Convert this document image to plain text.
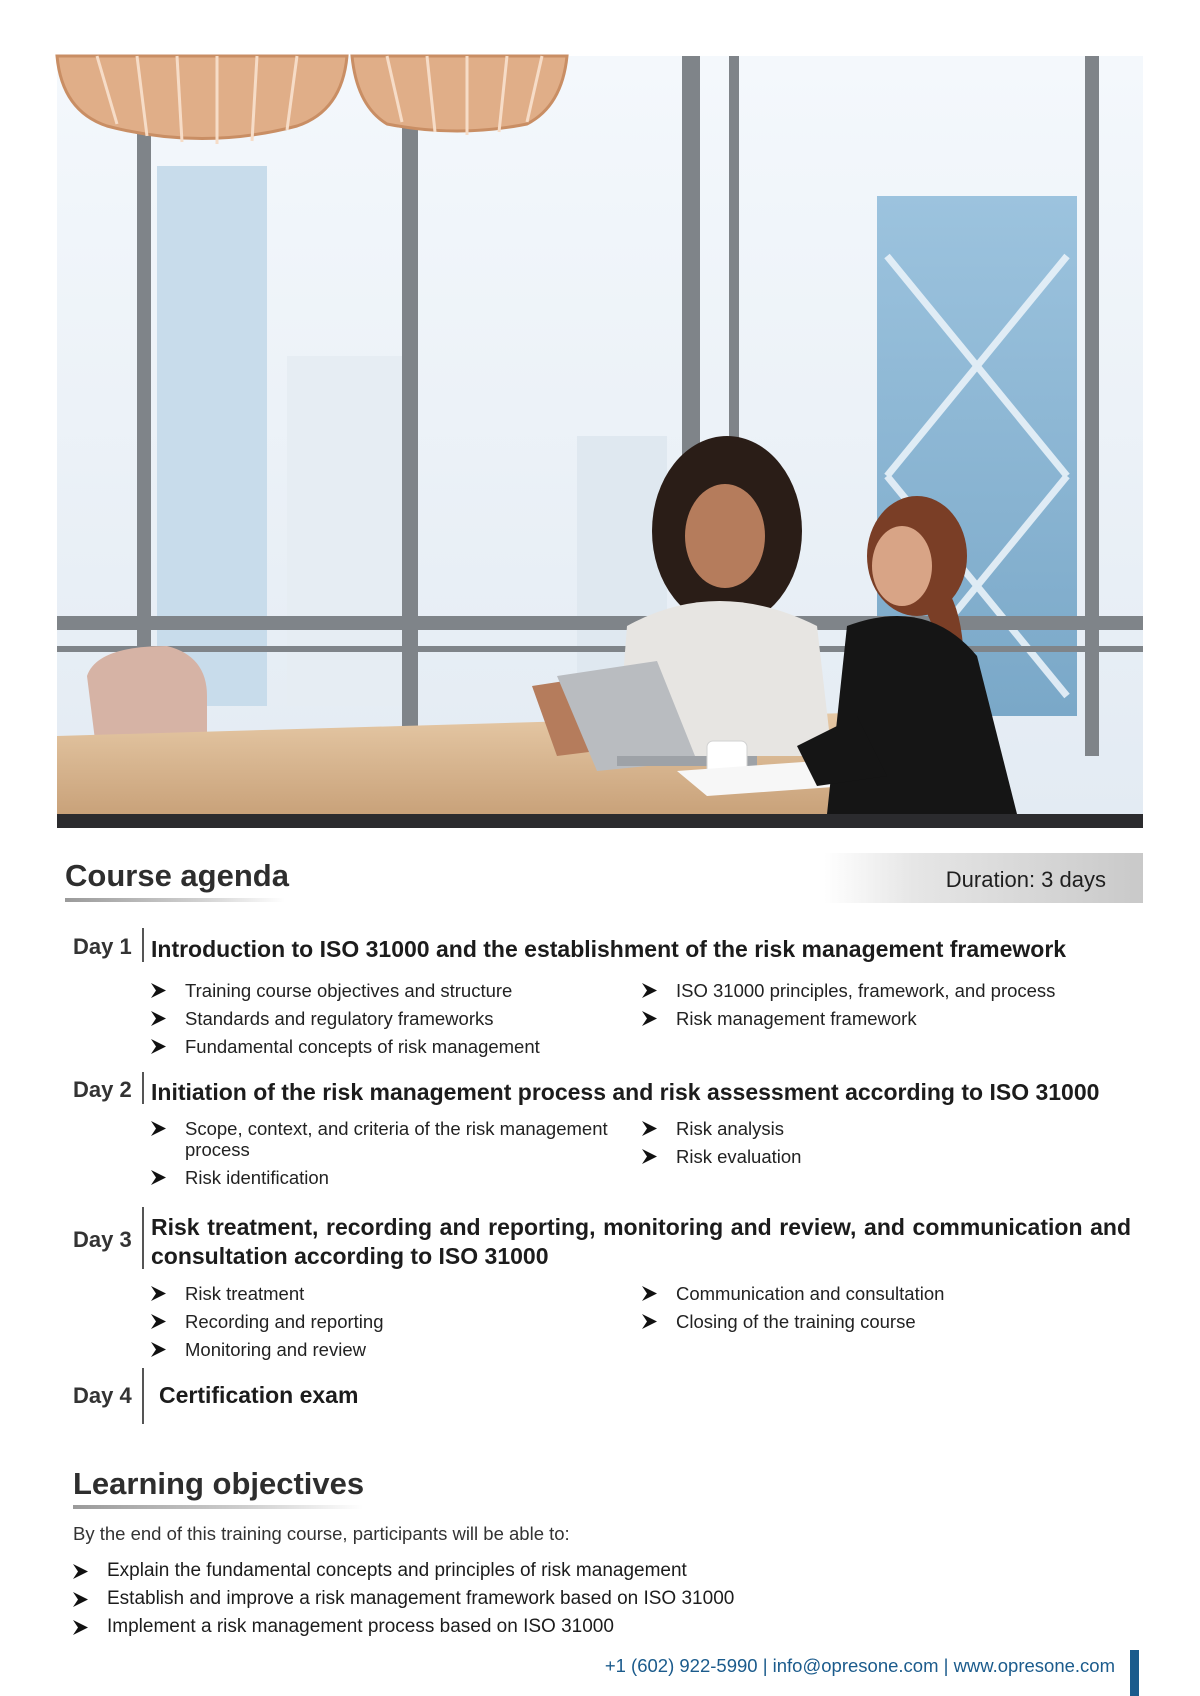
Course agenda	Duration: 3 days
Day 1 Introduction to ISO 31000 and the establishment of the risk management framework
Training course objectives and structure
Standards and regulatory frameworks
Fundamental concepts of risk management
ISO 31000 principles, framework, and process
Risk management framework
Day 2 Initiation of the risk management process and risk assessment according to ISO 31000
Scope, context, and criteria of the risk management process
Risk identification
Risk analysis
Risk evaluation
Day 3 Risk treatment, recording and reporting, monitoring and review, and communication and consultation according to ISO 31000
Risk treatment
Recording and reporting
Monitoring and review
Communication and consultation
Closing of the training course
Day 4 Certification exam
Learning objectives

By the end of this training course, participants will be able to:

Explain the fundamental concepts and principles of risk management
Establish and improve a risk management framework based on ISO 31000
Implement a risk management process based on ISO 31000
+1 (602) 922-5990 | info@opresone.com | www.opresone.com
